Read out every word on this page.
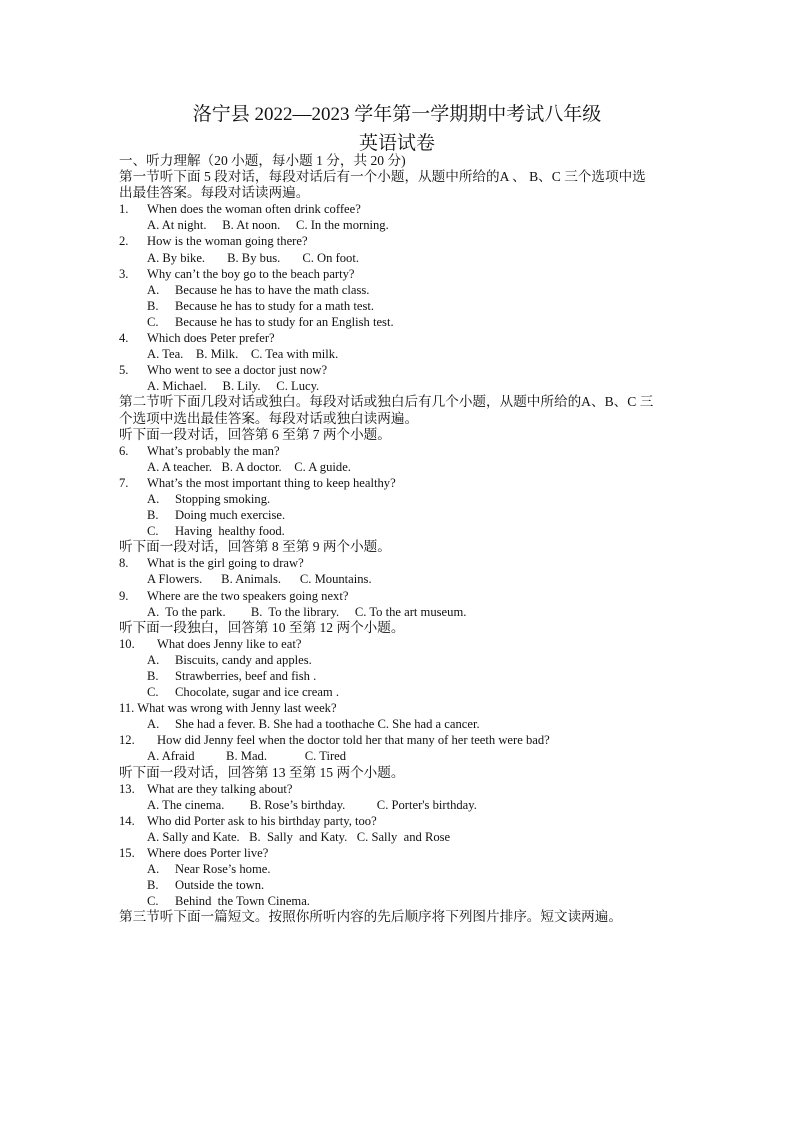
洛宁县 2022—2023 学年第一学期期中考试八年级
英语试卷
一、听力理解（20 小题，每小题 1 分，共 20 分)
第一节听下面 5 段对话，每段对话后有一个小题，从题中所给的A 、 B、C 三个选项中选
出最佳答案。每段对话读两遍。
1. When does the woman often drink coffee?
A. At night.     B. At noon.     C. In the morning.
2. How is the woman going there?
A. By bike.       B. By bus.       C. On foot.
3. Why can’t the boy go to the beach party?
A. Because he has to have the math class.
B. Because he has to study for a math test.
C. Because he has to study for an English test.
4. Which does Peter prefer?
A. Tea.    B. Milk.    C. Tea with milk.
5. Who went to see a doctor just now?
A. Michael.     B. Lily.     C. Lucy.
第二节听下面几段对话或独白。每段对话或独白后有几个小题，从题中所给的A、B、C 三
个选项中选出最佳答案。每段对话或独白读两遍。
听下面一段对话，回答第 6 至第 7 两个小题。
6. What’s probably the man?
A. A teacher.   B. A doctor.    C. A guide.
7. What’s the most important thing to keep healthy?
A. Stopping smoking.
B. Doing much exercise.
C. Having  healthy food.
听下面一段对话，回答第 8 至第 9 两个小题。
8. What is the girl going to draw?
A Flowers.      B. Animals.      C. Mountains.
9. Where are the two speakers going next?
A.  To the park.        B.  To the library.     C. To the art museum.
听下面一段独白，回答第 10 至第 12 两个小题。
10. What does Jenny like to eat?
A. Biscuits, candy and apples.
B. Strawberries, beef and fish .
C. Chocolate, sugar and ice cream .
11. What was wrong with Jenny last week?
A. She had a fever. B. She had a toothache C. She had a cancer.
12. How did Jenny feel when the doctor told her that many of her teeth were bad?
A. Afraid          B. Mad.            C. Tired
听下面一段对话，回答第 13 至第 15 两个小题。
13. What are they talking about?
A. The cinema.        B. Rose’s birthday.          C. Porter's birthday.
14. Who did Porter ask to his birthday party, too?
A. Sally and Kate.   B.  Sally  and Katy.   C. Sally  and Rose
15. Where does Porter live?
A. Near Rose’s home.
B. Outside the town.
C. Behind  the Town Cinema.
第三节听下面一篇短文。按照你所听内容的先后顺序将下列图片排序。短文读两遍。
